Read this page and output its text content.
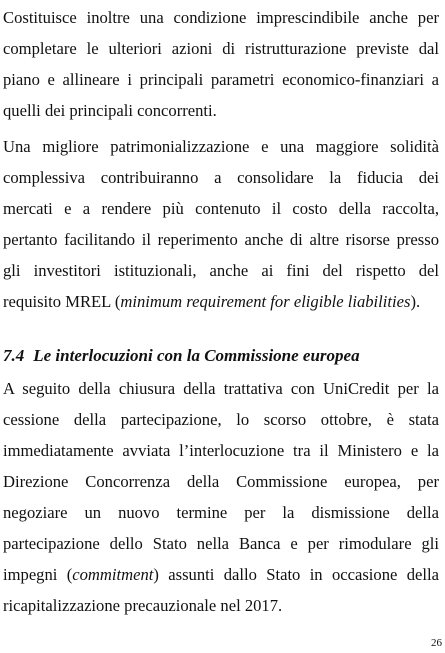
Costituisce inoltre una condizione imprescindibile anche per
completare le ulteriori azioni di ristrutturazione previste dal
piano e allineare i principali parametri economico-finanziari a
quelli dei principali concorrenti.
Una migliore patrimonializzazione e una maggiore solidità
complessiva contribuiranno a consolidare la fiducia dei
mercati e a rendere più contenuto il costo della raccolta,
pertanto facilitando il reperimento anche di altre risorse presso
gli investitori istituzionali, anche ai fini del rispetto del
requisito MREL (minimum requirement for eligible liabilities).
7.4 Le interlocuzioni con la Commissione europea
A seguito della chiusura della trattativa con UniCredit per la
cessione della partecipazione, lo scorso ottobre, è stata
immediatamente avviata l’interlocuzione tra il Ministero e la
Direzione Concorrenza della Commissione europea, per
negoziare un nuovo termine per la dismissione della
partecipazione dello Stato nella Banca e per rimodulare gli
impegni (commitment) assunti dallo Stato in occasione della
ricapitalizzazione precauzionale nel 2017.
26
